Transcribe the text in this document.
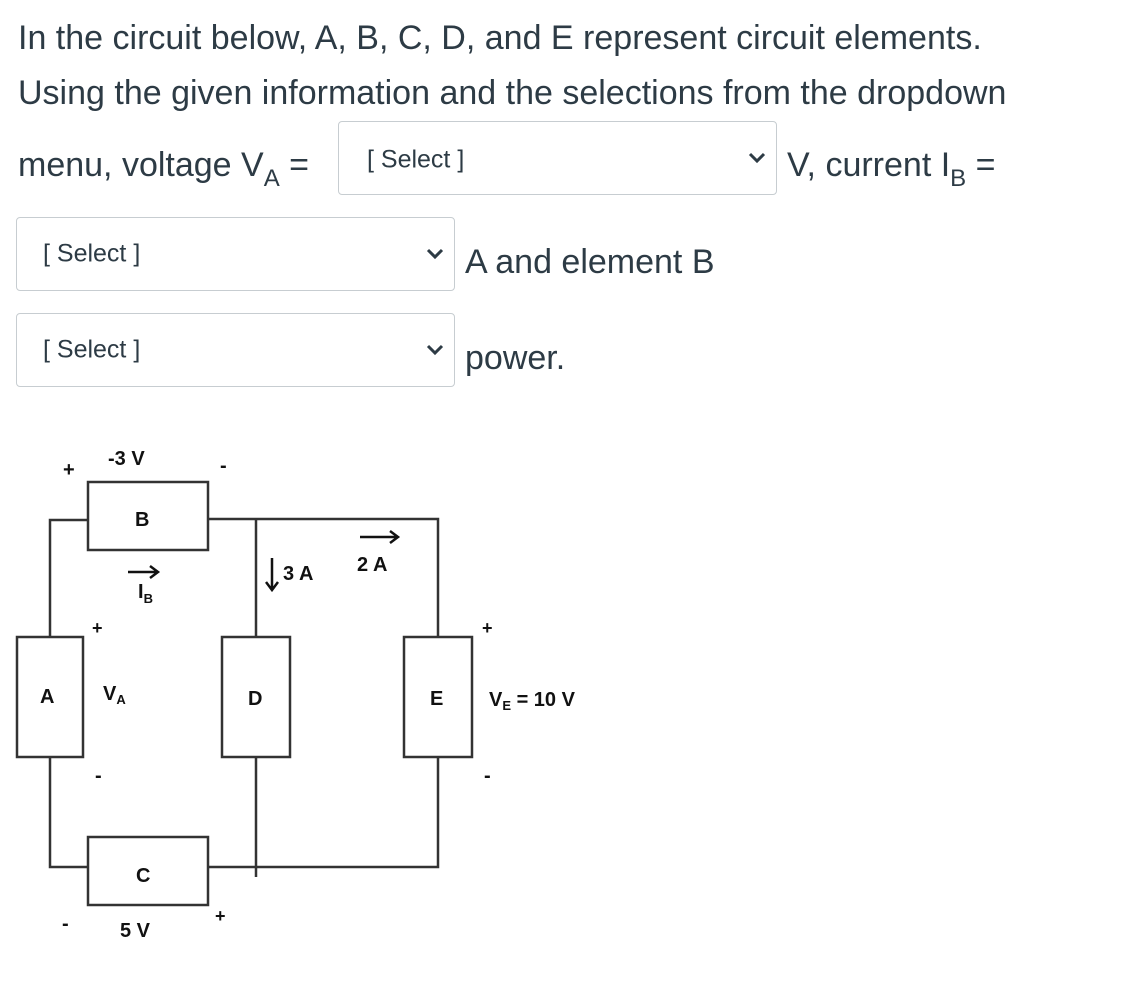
In the circuit below, A, B, C, D, and E represent circuit elements.
Using the given information and the selections from the dropdown
menu, voltage $V_A$ = [ Select ]	V, current $I_B$ =
[ Select ]	A and element B
[ Select ]	power.
-3 V
+	-
B
$I_B$
3 A 2 A
+
A $V_A$
-
D	E
+
$V_E = 10$ V
-
C
-	5 V
+
